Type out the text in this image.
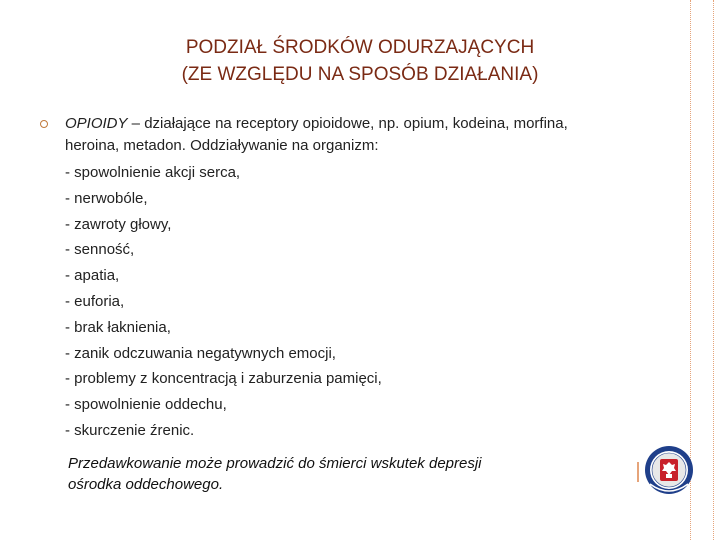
PODZIAŁ ŚRODKÓW ODURZAJĄCYCH
(ZE WZGLĘDU NA SPOSÓB DZIAŁANIA)
OPIOIDY – działające na receptory opioidowe, np. opium, kodeina, morfina, heroina, metadon. Oddziaływanie na organizm:
- spowolnienie akcji serca,
- nerwobóle,
- zawroty głowy,
- senność,
- apatia,
- euforia,
- brak łaknienia,
- zanik odczuwania negatywnych emocji,
- problemy z koncentracją i zaburzenia pamięci,
- spowolnienie oddechu,
- skurczenie źrenic.
Przedawkowanie może prowadzić do śmierci wskutek depresji
ośrodka oddechowego.
